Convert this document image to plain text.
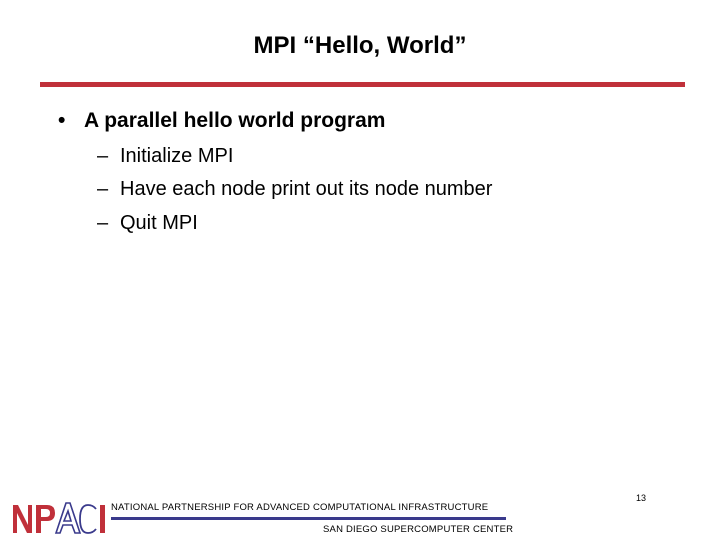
MPI “Hello, World”
• A parallel hello world program
– Initialize MPI
– Have each node print out its node number
– Quit MPI
13
NATIONAL PARTNERSHIP FOR ADVANCED COMPUTATIONAL INFRASTRUCTURE
SAN DIEGO SUPERCOMPUTER CENTER
